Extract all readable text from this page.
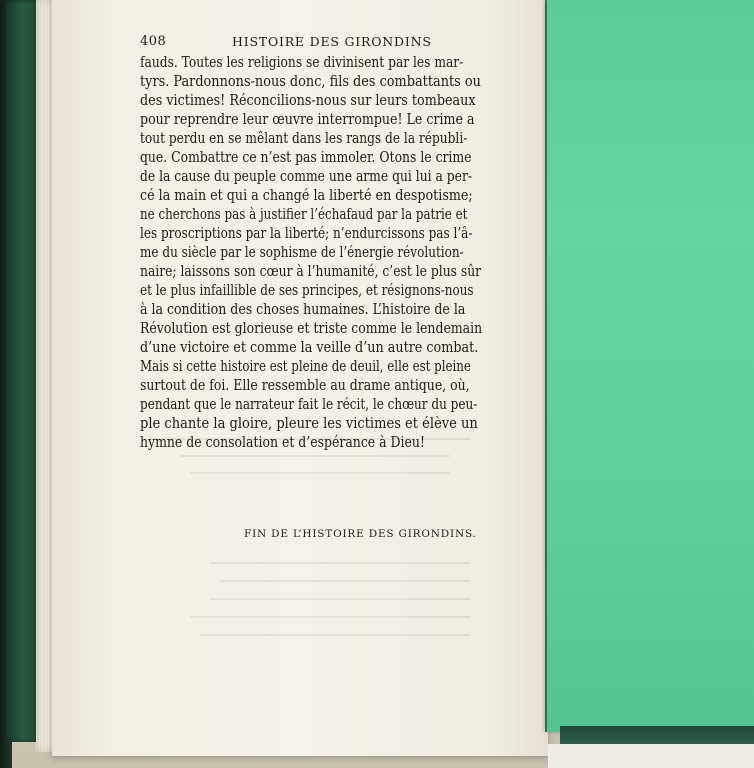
408	HISTOIRE DES GIRONDINS
fauds. Toutes les religions se divinisent par les mar-
tyrs. Pardonnons-nous donc, fils des combattants ou
des victimes! Réconcilions-nous sur leurs tombeaux
pour reprendre leur œuvre interrompue! Le crime a
tout perdu en se mêlant dans les rangs de la républi-
que. Combattre ce n’est pas immoler. Otons le crime
de la cause du peuple comme une arme qui lui a per-
cé la main et qui a changé la liberté en despotisme;
ne cherchons pas à justifier l’échafaud par la patrie et
les proscriptions par la liberté; n’endurcissons pas l’â-
me du siècle par le sophisme de l’énergie révolution-
naire; laissons son cœur à l’humanité, c’est le plus sûr
et le plus infaillible de ses principes, et résignons-nous
à la condition des choses humaines. L’histoire de la
Révolution est glorieuse et triste comme le lendemain
d’une victoire et comme la veille d’un autre combat.
Mais si cette histoire est pleine de deuil, elle est pleine
surtout de foi. Elle ressemble au drame antique, où,
pendant que le narrateur fait le récit, le chœur du peu-
ple chante la gloire, pleure les victimes et élève un
hymne de consolation et d’espérance à Dieu!
FIN DE L’HISTOIRE DES GIRONDINS.
